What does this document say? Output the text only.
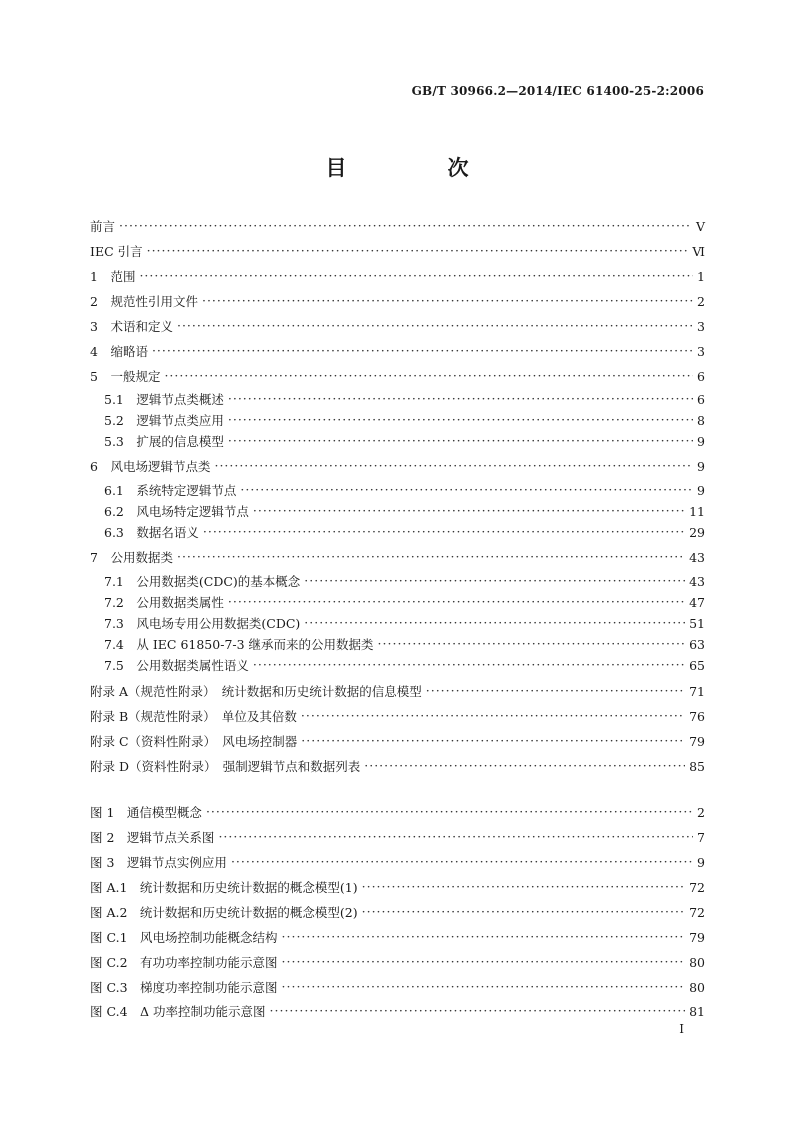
GB/T 30966.2—2014/IEC 61400-25-2:2006
目　次
前言 ·····	Ⅴ
IEC 引言 ·····	Ⅵ
1　范围 ·····	1
2　规范性引用文件 ·····	2
3　术语和定义 ·····	3
4　缩略语 ·····	3
5　一般规定 ·····	6
5.1　逻辑节点类概述 ·····	6
5.2　逻辑节点类应用 ·····	8
5.3　扩展的信息模型 ·····	9
6　风电场逻辑节点类 ·····	9
6.1　系统特定逻辑节点 ·····	9
6.2　风电场特定逻辑节点 ·····	11
6.3　数据名语义 ·····	29
7　公用数据类 ·····	43
7.1　公用数据类(CDC)的基本概念 ·····	43
7.2　公用数据类属性 ·····	47
7.3　风电场专用公用数据类(CDC) ·····	51
7.4　从 IEC 61850-7-3 继承而来的公用数据类 ·····	63
7.5　公用数据类属性语义 ·····	65
附录 A（规范性附录）　统计数据和历史统计数据的信息模型 ·····	71
附录 B（规范性附录）　单位及其倍数 ·····	76
附录 C（资料性附录）　风电场控制器 ·····	79
附录 D（资料性附录）　强制逻辑节点和数据列表 ·····	85
图 1　通信模型概念 ·····	2
图 2　逻辑节点关系图 ·····	7
图 3　逻辑节点实例应用 ·····	9
图 A.1　统计数据和历史统计数据的概念模型(1) ·····	72
图 A.2　统计数据和历史统计数据的概念模型(2) ·····	72
图 C.1　风电场控制功能概念结构 ·····	79
图 C.2　有功功率控制功能示意图 ·····	80
图 C.3　梯度功率控制功能示意图 ·····	80
图 C.4　Δ 功率控制功能示意图 ·····	81
Ⅰ
